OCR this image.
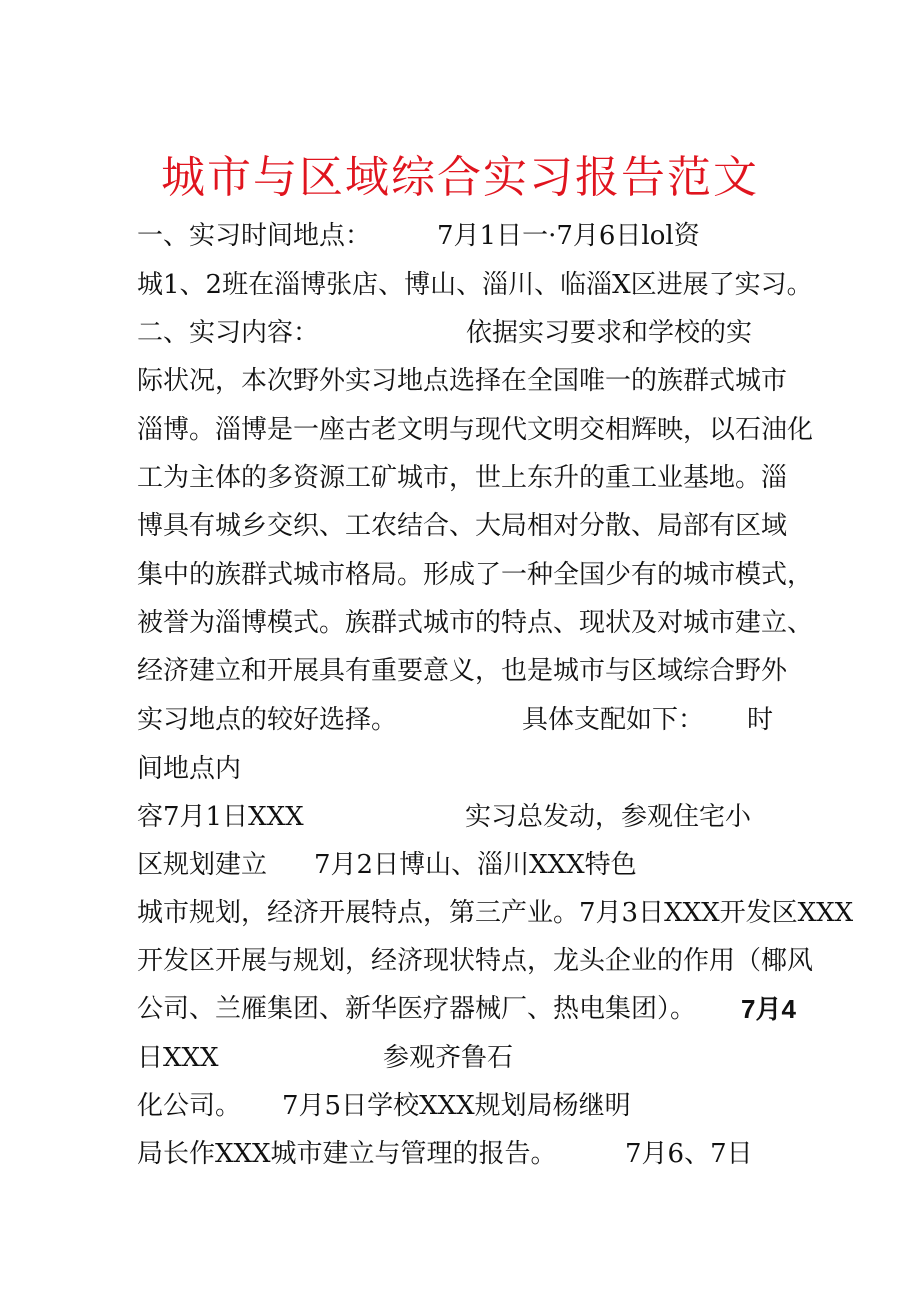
城市与区域综合实习报告范文
一、实习时间地点：	7月1日一·7月6日lol资
城1、2班在淄博张店、博山、淄川、临淄X区进展了实习。
二、实习内容：	依据实习要求和学校的实
际状况，本次野外实习地点选择在全国唯一的族群式城市
淄博。淄博是一座古老文明与现代文明交相辉映，以石油化
工为主体的多资源工矿城市，世上东升的重工业基地。淄
博具有城乡交织、工农结合、大局相对分散、局部有区域
集中的族群式城市格局。形成了一种全国少有的城市模式，
被誉为淄博模式。族群式城市的特点、现状及对城市建立、
经济建立和开展具有重要意义，也是城市与区域综合野外
实习地点的较好选择。	具体支配如下： 时
间地点内
容7月1日XXX	实习总发动，参观住宅小
区规划建立 7月2日博山、淄川XXX特色
城市规划，经济开展特点，第三产业。7月3日XXX开发区XXX
开发区开展与规划，经济现状特点，龙头企业的作用（椰风
公司、兰雁集团、新华医疗器械厂、热电集团）。 7月4
日XXX	参观齐鲁石
化公司。 7月5日学校XXX规划局杨继明
局长作XXX城市建立与管理的报告。	7月6、7日
